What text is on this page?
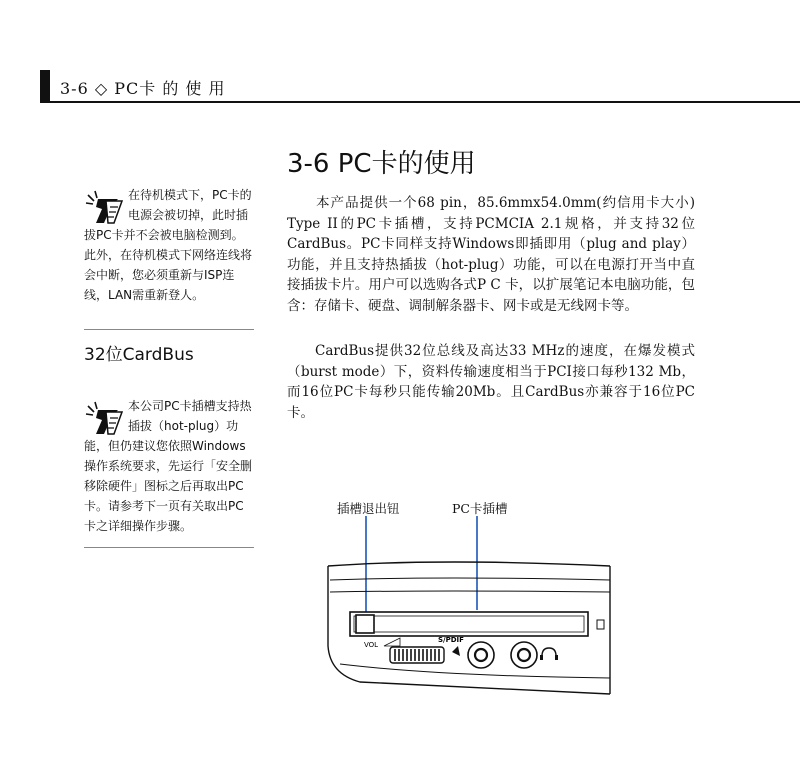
3-6 ◇ PC卡 的 使 用
3-6 PC卡的使用
本产品提供一个68 pin，85.6mmx54.0mm(约信用卡大小) Type II的PC卡插槽，支持PCMCIA 2.1规格，并支持32位CardBus。PC卡同样支持Windows即插即用（plug and play）功能，并且支持热插拔（hot-plug）功能，可以在电源打开当中直接插拔卡片。用户可以选购各式P C 卡，以扩展笔记本电脑功能，包含：存储卡、硬盘、调制解条器卡、网卡或是无线网卡等。
CardBus提供32位总线及高达33 MHz的速度，在爆发模式（burst mode）下，资料传输速度相当于PCI接口每秒132 Mb，而16位PC卡每秒只能传输20Mb。且CardBus亦兼容于16位PC卡。
在待机模式下，PC卡的电源会被切掉，此时插拔PC卡并不会被电脑检测到。此外，在待机模式下网络连线将会中断，您必须重新与ISP连线，LAN需重新登人。
32位CardBus
本公司PC卡插槽支持热插拔（hot-plug）功能，但仍建议您依照Windows操作系统要求，先运行「安全删移除硬件」图标之后再取出PC卡。请参考下一页有关取出PC卡之详细操作步骤。
插槽退出钮	PC卡插槽
VOL
S/PDIF
